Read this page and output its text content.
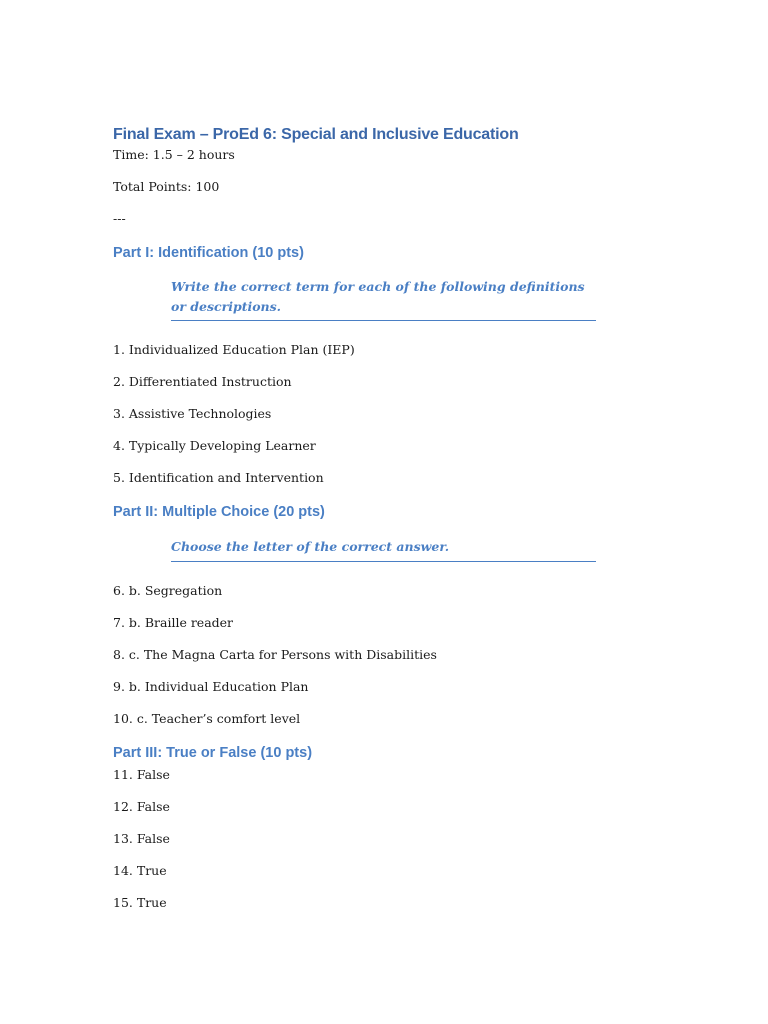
Final Exam – ProEd 6: Special and Inclusive Education

Time: 1.5 – 2 hours

Total Points: 100

---

Part I: Identification (10 pts)

Write the correct term for each of the following definitions or descriptions.

1. Individualized Education Plan (IEP)

2. Differentiated Instruction

3. Assistive Technologies

4. Typically Developing Learner

5. Identification and Intervention

Part II: Multiple Choice (20 pts)

Choose the letter of the correct answer.

6. b. Segregation

7. b. Braille reader

8. c. The Magna Carta for Persons with Disabilities

9. b. Individual Education Plan

10. c. Teacher’s comfort level

Part III: True or False (10 pts)

11. False

12. False

13. False

14. True

15. True
